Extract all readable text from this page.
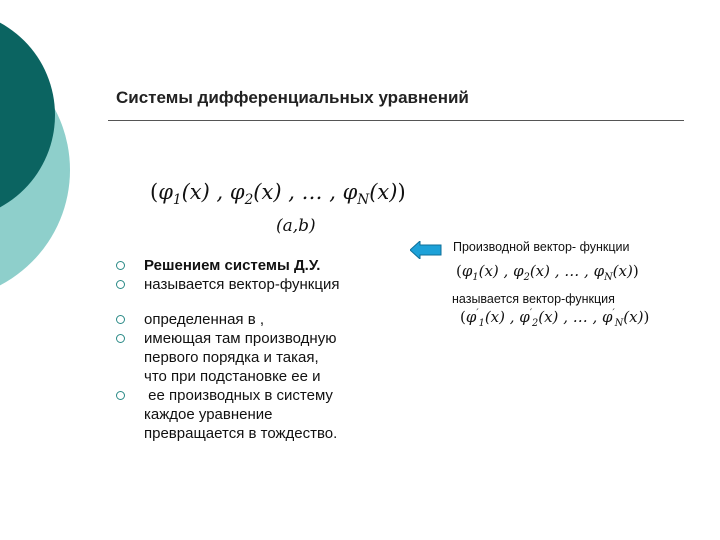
Системы дифференциальных уравнений
($\varphi_1(x)$ , $\varphi_2(x)$ , … , $\varphi_N(x)$)
(a,b)
Решением системы Д.У.
называется вектор-функция
определенная в ,
имеющая там производную
первого порядка и такая,
что при подстановке ее и
ее производных в систему
каждое уравнение
превращается в тождество.
Производной вектор- функции
($\varphi_1(x)$ , $\varphi_2(x)$ , … , $\varphi_N(x)$)
называется вектор-функция
($\varphi'_1(x)$ , $\varphi'_2(x)$ , … , $\varphi'_N(x)$)
